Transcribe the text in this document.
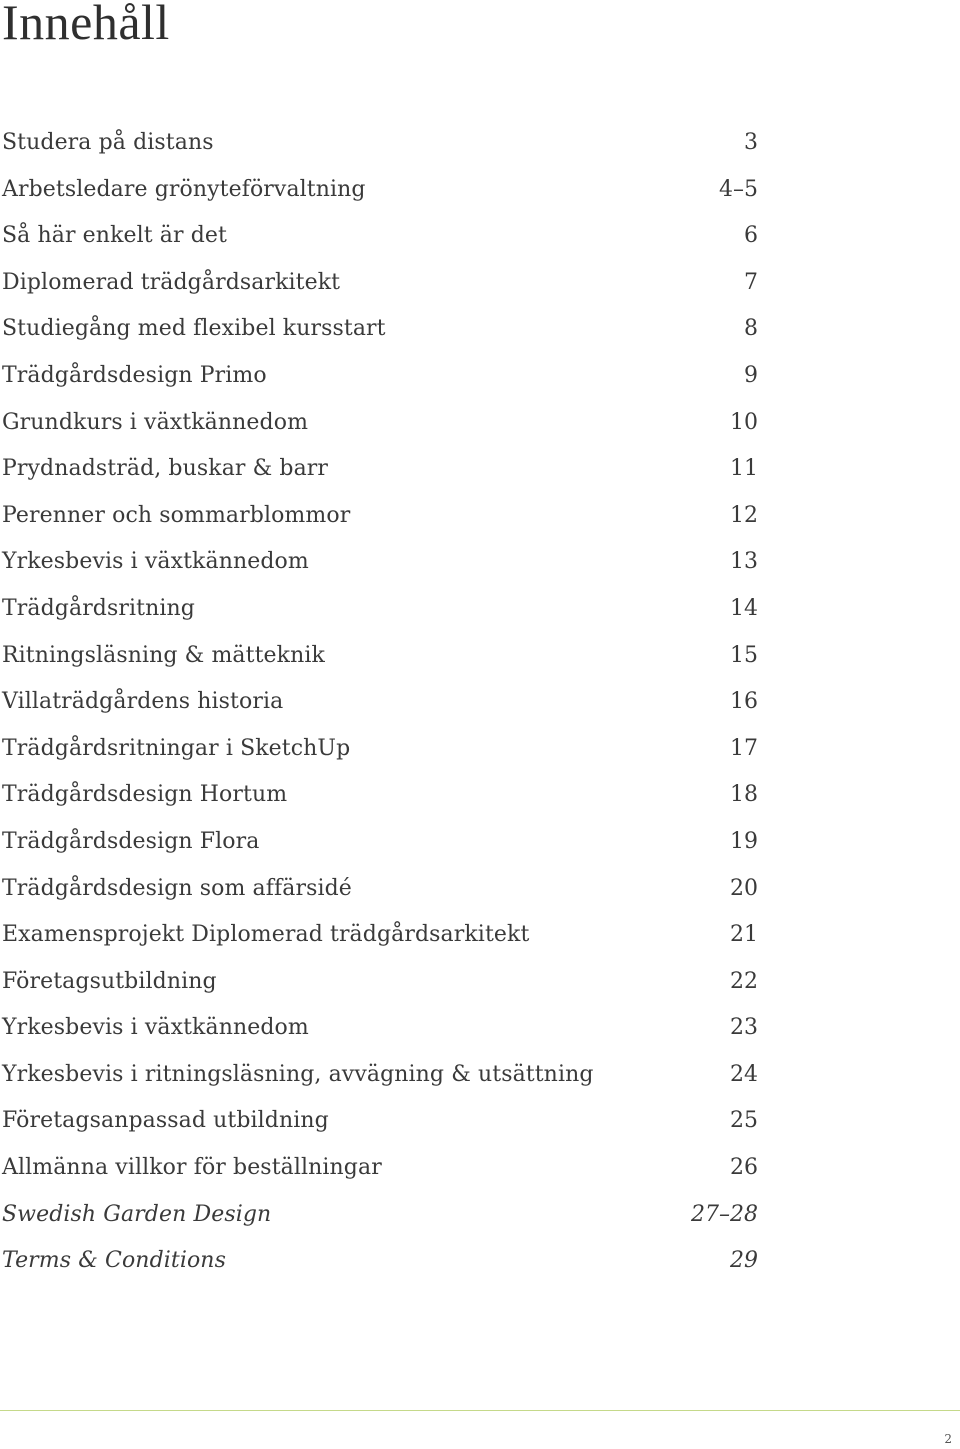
Innehåll
Studera på distans	3
Arbetsledare grönyteförvaltning	4–5
Så här enkelt är det	6
Diplomerad trädgårdsarkitekt	7
Studiegång med flexibel kursstart	8
Trädgårdsdesign Primo	9
Grundkurs i växtkännedom	10
Prydnadsträd, buskar & barr	11
Perenner och sommarblommor	12
Yrkesbevis i växtkännedom	13
Trädgårdsritning	14
Ritningsläsning & mätteknik	15
Villaträdgårdens historia	16
Trädgårdsritningar i SketchUp	17
Trädgårdsdesign Hortum	18
Trädgårdsdesign Flora	19
Trädgårdsdesign som affärsidé	20
Examensprojekt Diplomerad trädgårdsarkitekt	21
Företagsutbildning	22
Yrkesbevis i växtkännedom	23
Yrkesbevis i ritningsläsning, avvägning & utsättning	24
Företagsanpassad utbildning	25
Allmänna villkor för beställningar	26
Swedish Garden Design	27–28
Terms & Conditions	29
2
